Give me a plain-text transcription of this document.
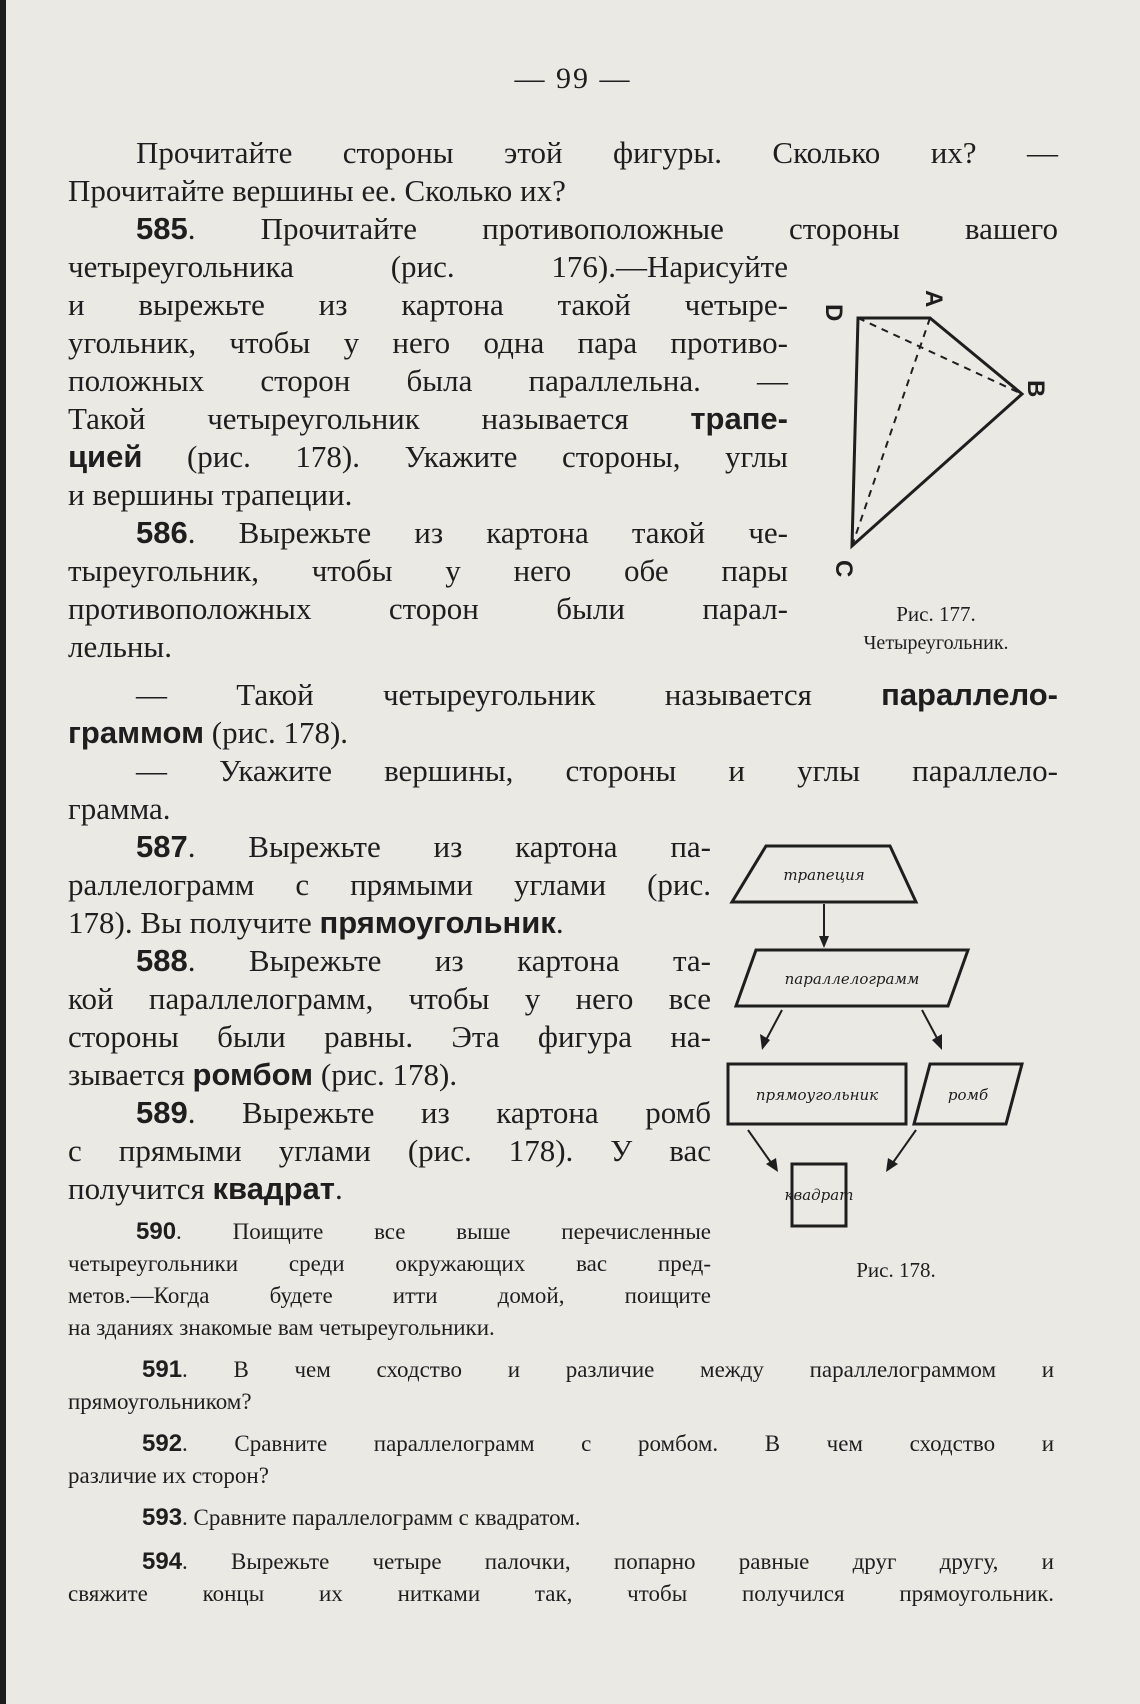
— 99 —

Прочитайте стороны этой фигуры. Сколько их? —

Прочитайте вершины ее. Сколько их?

585. Прочитайте противоположные стороны вашего

четыреугольника (рис. 176).—Нарисуйте

и вырежьте из картона такой четыре-

угольник, чтобы у него одна пара противо-

положных сторон была параллельна. —

Такой четыреугольник называется трапе-

цией (рис. 178). Укажите стороны, углы

и вершины трапеции.

586. Вырежьте из картона такой че-

тыреугольник, чтобы у него обе пары

противоположных сторон были парал-

лельны.

— Такой четыреугольник называется параллело-

граммом (рис. 178).

— Укажите вершины, стороны и углы параллело-

грамма.

587. Вырежьте из картона па-

раллелограмм с прямыми углами (рис.

178). Вы получите прямоугольник.

588. Вырежьте из картона та-

кой параллелограмм, чтобы у него все

стороны были равны. Эта фигура на-

зывается ромбом (рис. 178).

589. Вырежьте из картона ромб

с прямыми углами (рис. 178). У вас

получится квадрат.

590. Поищите все выше перечисленные

четыреугольники среди окружающих вас пред-

метов.—Когда будете итти домой, поищите

на зданиях знакомые вам четыреугольники.

591. В чем сходство и различие между параллелограммом и

прямоугольником?

592. Сравните параллелограмм с ромбом. В чем сходство и

различие их сторон?

593. Сравните параллелограмм с квадратом.

594. Вырежьте четыре палочки, попарно равные друг другу, и

свяжите концы их нитками так, чтобы получился прямоугольник.

D
A
B
C
Рис. 177.
Четыреугольник.
трапеция
параллелограмм
прямоугольник	ромб
квадрат
Рис. 178.
